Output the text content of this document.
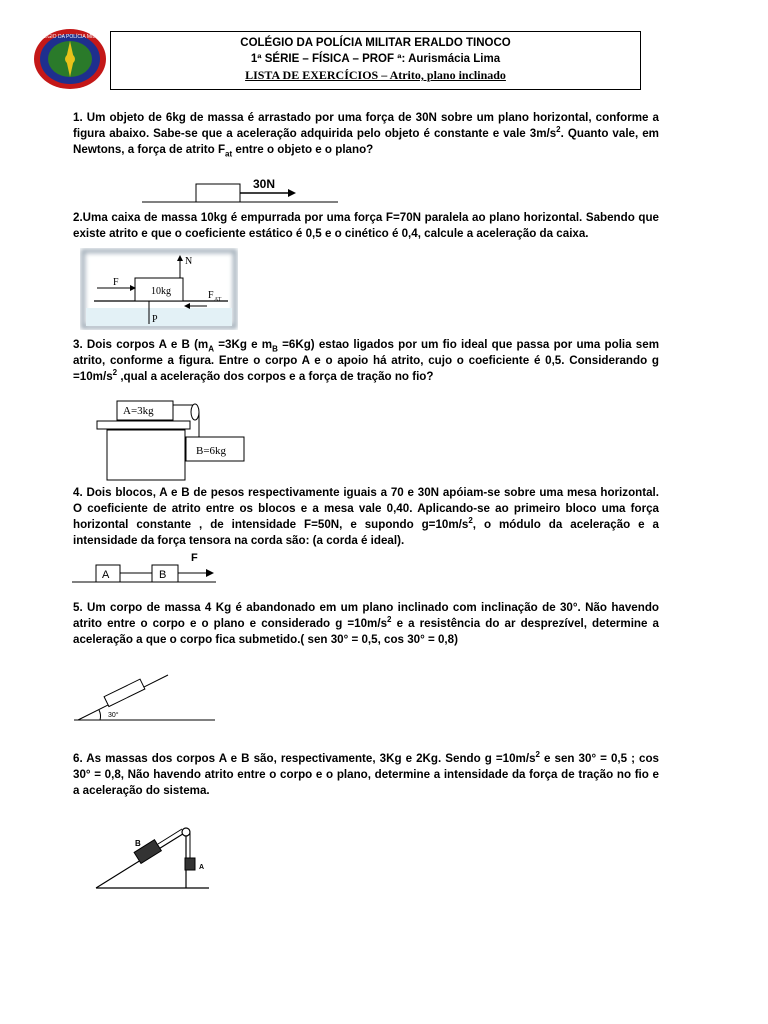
COLÉGIO DA POLÍCIA MILITAR	COLÉGIO DA POLÍCIA MILITAR ERALDO TINOCO
1ª SÉRIE – FÍSICA – PROF ª: Aurismácia Lima
LISTA DE EXERCÍCIOS – Atrito, plano inclinado
1. Um objeto de 6kg de massa é arrastado por uma força de 30N sobre um plano horizontal, conforme a figura abaixo. Sabe-se que a aceleração adquirida pelo objeto é constante e vale $3m/s^2$. Quanto vale, em Newtons, a força de atrito $F_{at}$ entre o objeto e o plano?
30N
2.Uma caixa de massa 10kg é empurrada por uma força F=70N paralela ao plano horizontal. Sabendo que existe atrito e que o coeficiente estático é 0,5 e o cinético é 0,4, calcule a aceleração da caixa.
10kg
F
N
P
F AT
3. Dois corpos A e B ($m_A =3Kg$ e $m_B =6Kg$) estao ligados por um fio ideal que passa por uma polia sem atrito, conforme a figura. Entre o corpo A e o apoio há atrito, cujo o coeficiente é 0,5. Considerando $g =10m/s^2$ ,qual a aceleração dos corpos e a força de tração no fio?
A=3kg
B=6kg
4. Dois blocos, A e B de pesos respectivamente iguais a 70 e 30N apóiam-se sobre uma mesa horizontal. O coeficiente de atrito entre os blocos e a mesa vale 0,40. Aplicando-se ao primeiro bloco uma força horizontal constante , de intensidade F=50N, e supondo $g=10m/s^2$, o módulo da aceleração e a intensidade da força tensora na corda são: (a corda é ideal).
A	B
F
5. Um corpo de massa 4 Kg é abandonado em um plano inclinado com inclinação de 30°. Não havendo atrito entre o corpo e o plano e considerado $g =10m/s^2$ e a resistência do ar desprezível, determine a aceleração a que o corpo fica submetido.( sen 30° = 0,5, cos 30° = 0,8)
30°
6. As massas dos corpos A e B são, respectivamente, 3Kg e 2Kg. Sendo $g =10m/s^2$ e sen 30° = 0,5 ; cos 30° = 0,8, Não havendo atrito entre o corpo e o plano, determine a intensidade da força de tração no fio e a aceleração do sistema.
B
A
